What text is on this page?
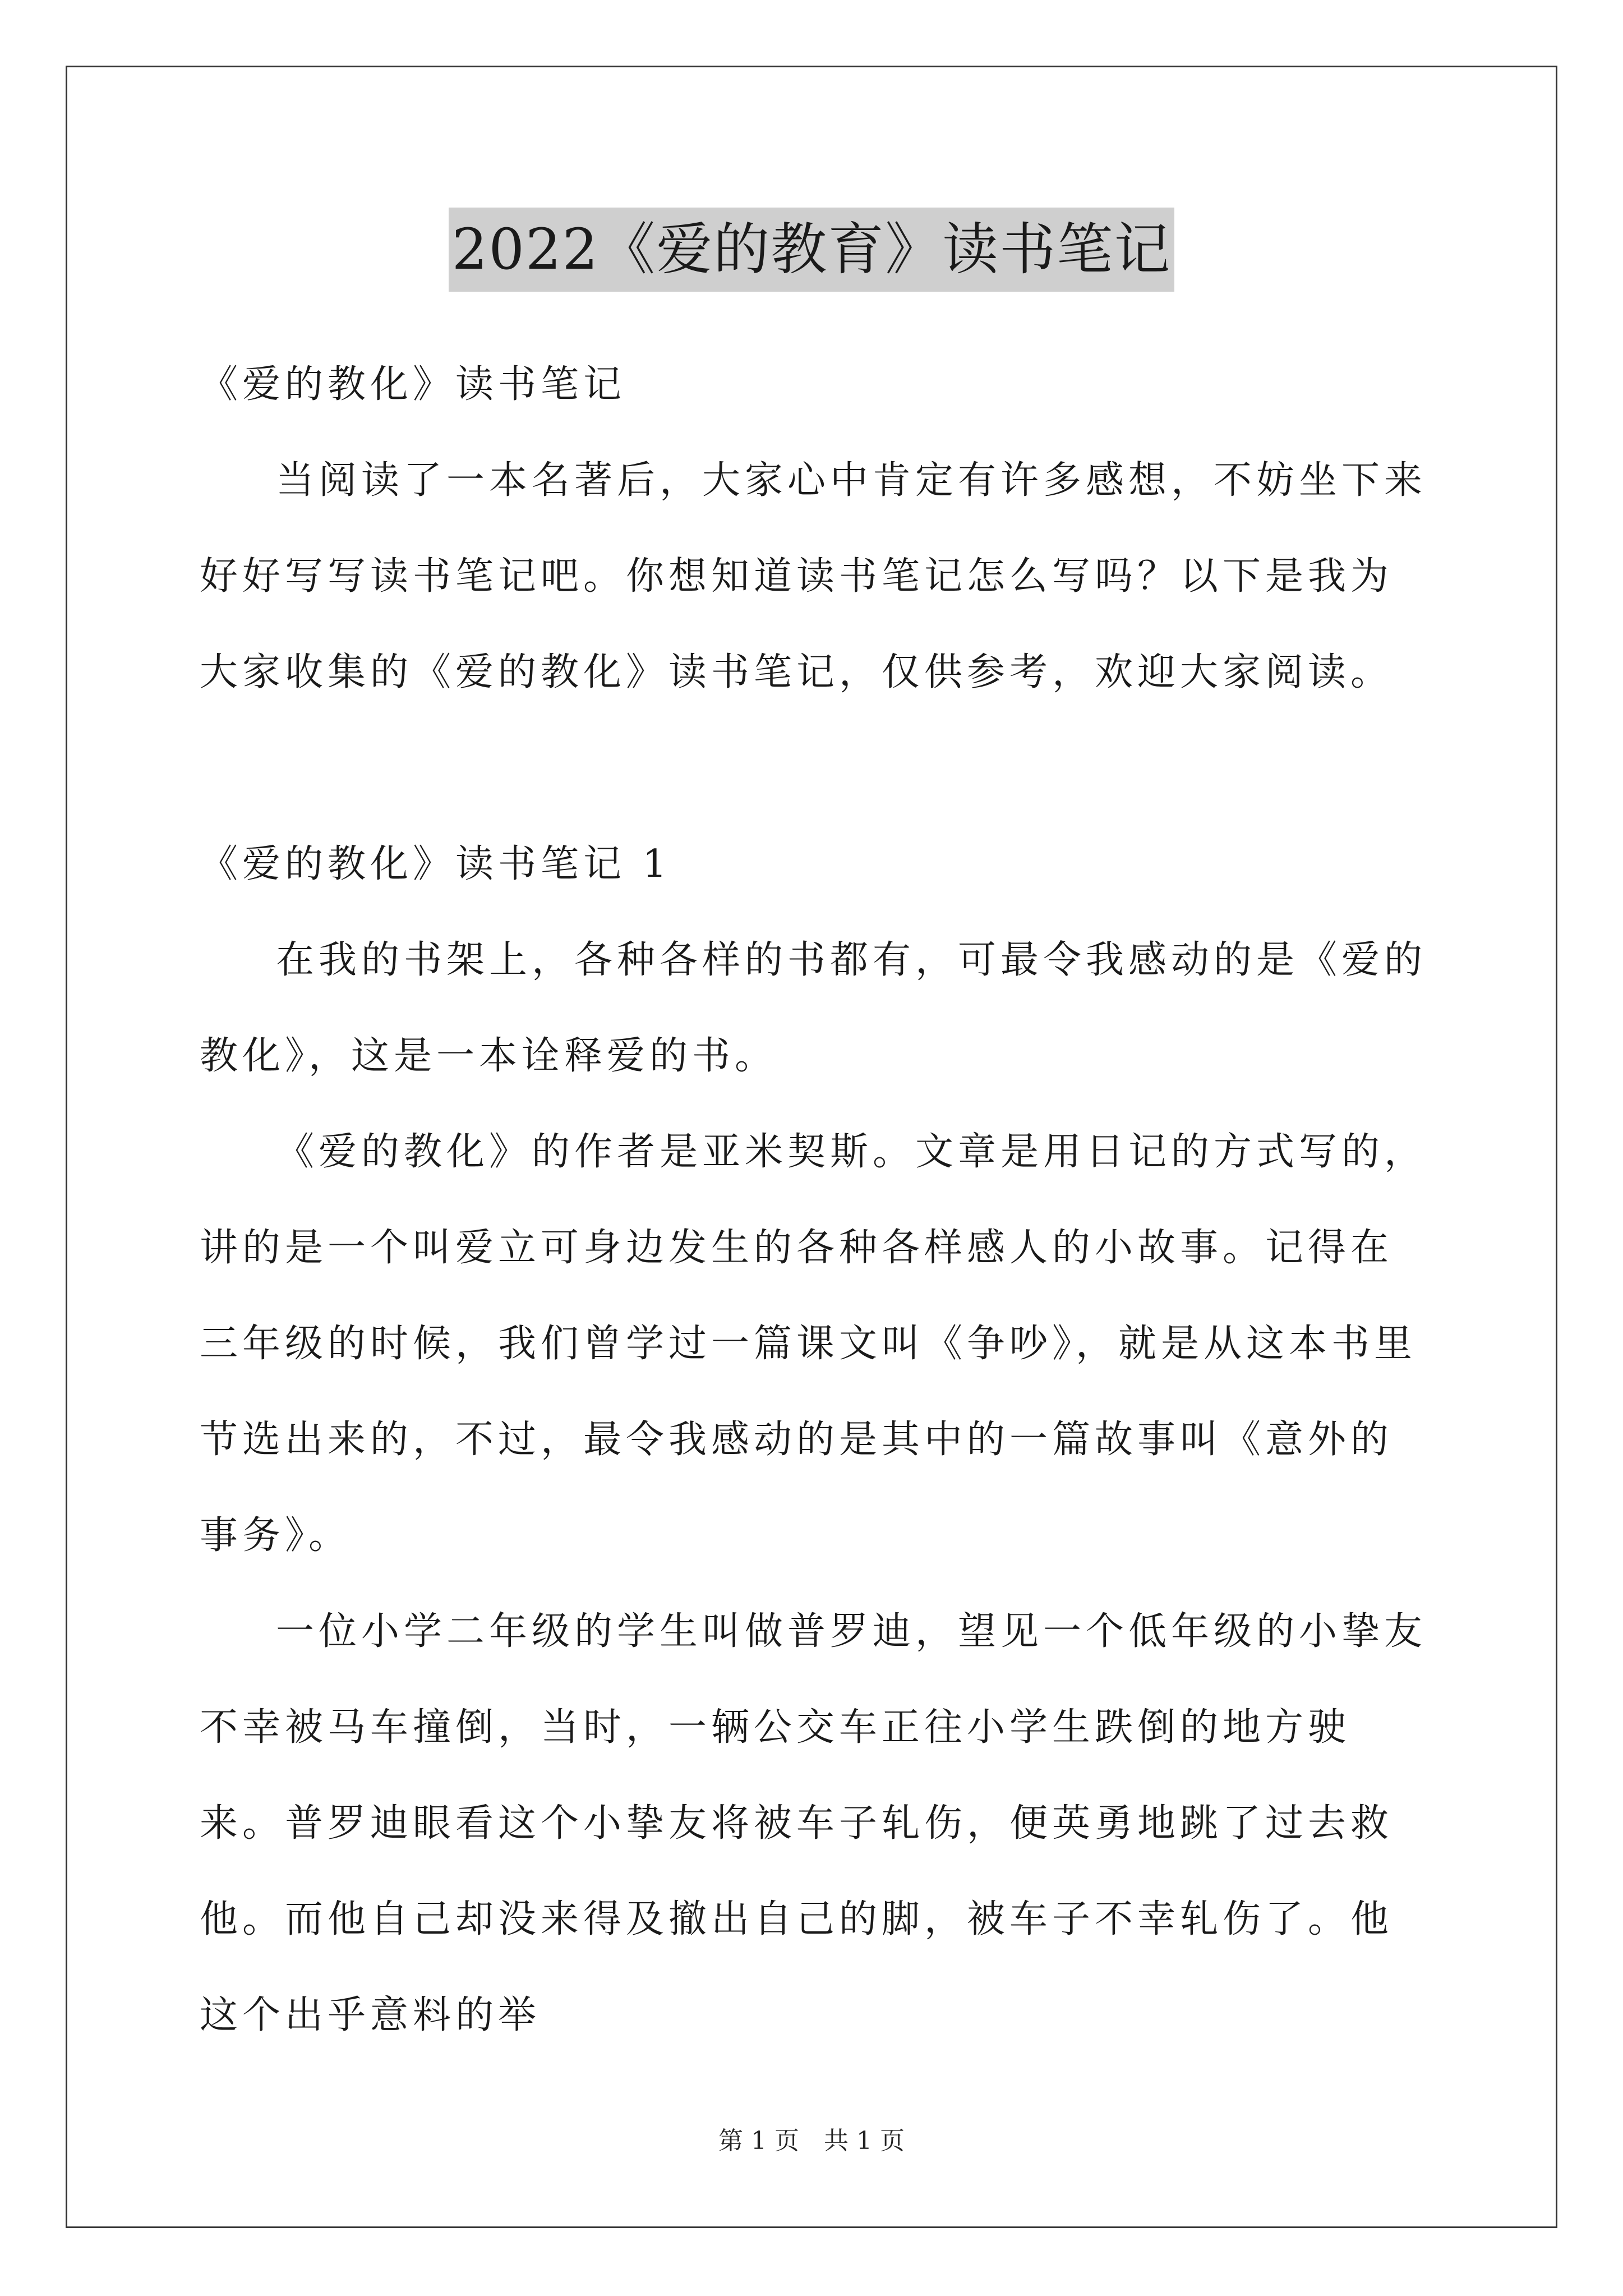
2022《爱的教育》读书笔记

《爱的教化》读书笔记

当阅读了一本名著后，大家心中肯定有许多感想，不妨坐下来好好写写读书笔记吧。你想知道读书笔记怎么写吗？以下是我为大家收集的《爱的教化》读书笔记，仅供参考，欢迎大家阅读。

《爱的教化》读书笔记 1

在我的书架上，各种各样的书都有，可最令我感动的是《爱的教化》，这是一本诠释爱的书。

《爱的教化》的作者是亚米契斯。文章是用日记的方式写的，讲的是一个叫爱立可身边发生的各种各样感人的小故事。记得在三年级的时候，我们曾学过一篇课文叫《争吵》，就是从这本书里节选出来的，不过，最令我感动的是其中的一篇故事叫《意外的事务》。

一位小学二年级的学生叫做普罗迪，望见一个低年级的小挚友不幸被马车撞倒，当时，一辆公交车正往小学生跌倒的地方驶来。普罗迪眼看这个小挚友将被车子轧伤，便英勇地跳了过去救他。而他自己却没来得及撤出自己的脚，被车子不幸轧伤了。他这个出乎意料的举

第 1 页　共 1 页
